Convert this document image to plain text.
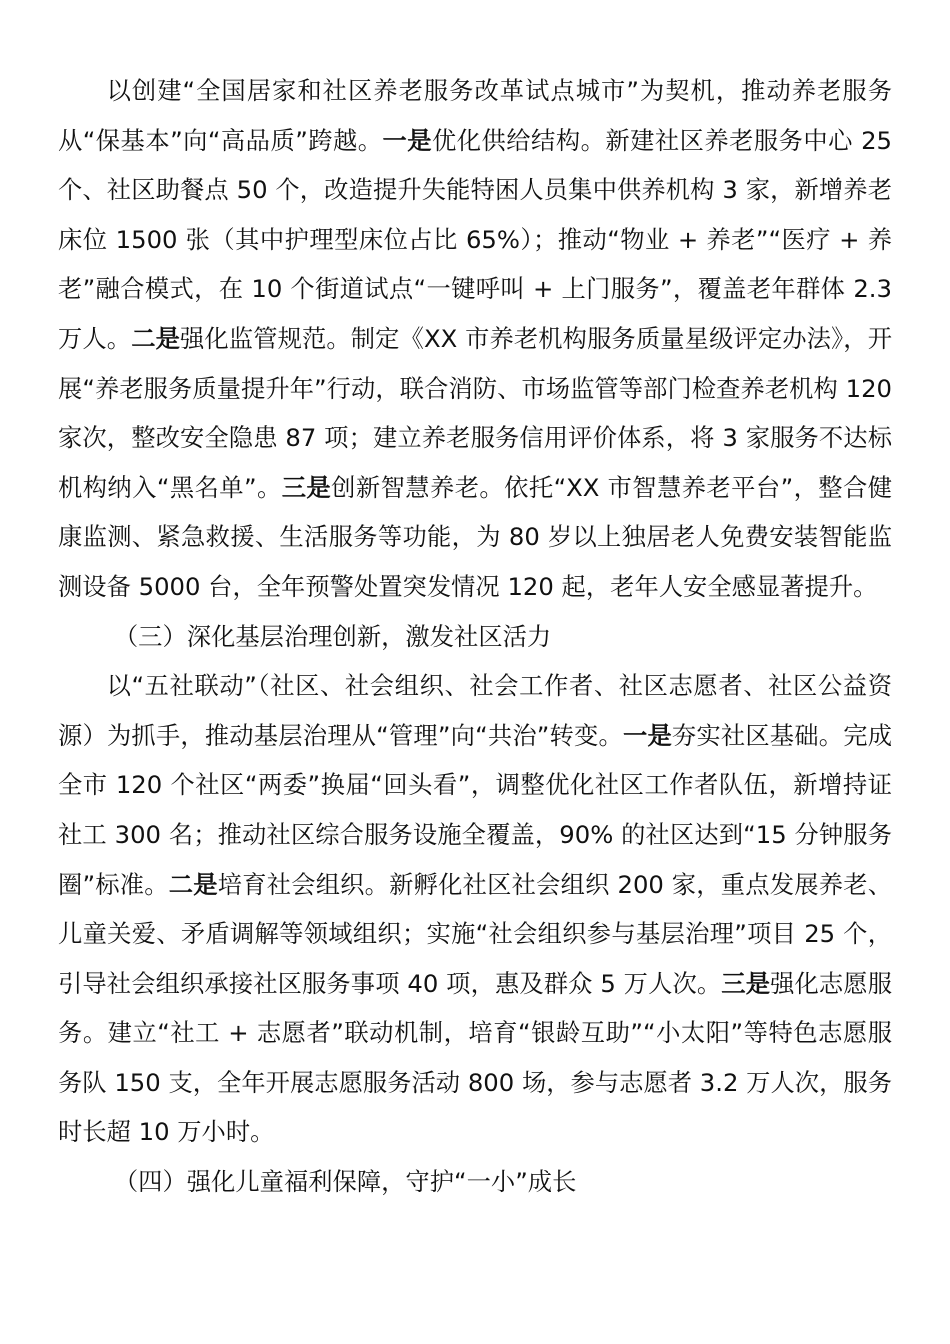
以创建“全国居家和社区养老服务改革试点城市”为契机，推动养老服务从“保基本”向“高品质”跨越。一是优化供给结构。新建社区养老服务中心 25 个、社区助餐点 50 个，改造提升失能特困人员集中供养机构 3 家，新增养老床位 1500 张（其中护理型床位占比 65%）；推动“物业 + 养老”“医疗 + 养老”融合模式，在 10 个街道试点“一键呼叫 + 上门服务”，覆盖老年群体 2.3 万人。二是强化监管规范。制定《XX 市养老机构服务质量星级评定办法》，开展“养老服务质量提升年”行动，联合消防、市场监管等部门检查养老机构 120 家次，整改安全隐患 87 项；建立养老服务信用评价体系，将 3 家服务不达标机构纳入“黑名单”。三是创新智慧养老。依托“XX 市智慧养老平台”，整合健康监测、紧急救援、生活服务等功能，为 80 岁以上独居老人免费安装智能监测设备 5000 台，全年预警处置突发情况 120 起，老年人安全感显著提升。

（三）深化基层治理创新，激发社区活力

以“五社联动”（社区、社会组织、社会工作者、社区志愿者、社区公益资源）为抓手，推动基层治理从“管理”向“共治”转变。一是夯实社区基础。完成全市 120 个社区“两委”换届“回头看”，调整优化社区工作者队伍，新增持证社工 300 名；推动社区综合服务设施全覆盖，90% 的社区达到“15 分钟服务圈”标准。二是培育社会组织。新孵化社区社会组织 200 家，重点发展养老、儿童关爱、矛盾调解等领域组织；实施“社会组织参与基层治理”项目 25 个，引导社会组织承接社区服务事项 40 项，惠及群众 5 万人次。三是强化志愿服务。建立“社工 + 志愿者”联动机制，培育“银龄互助”“小太阳”等特色志愿服务队 150 支，全年开展志愿服务活动 800 场，参与志愿者 3.2 万人次，服务时长超 10 万小时。

（四）强化儿童福利保障，守护“一小”成长
